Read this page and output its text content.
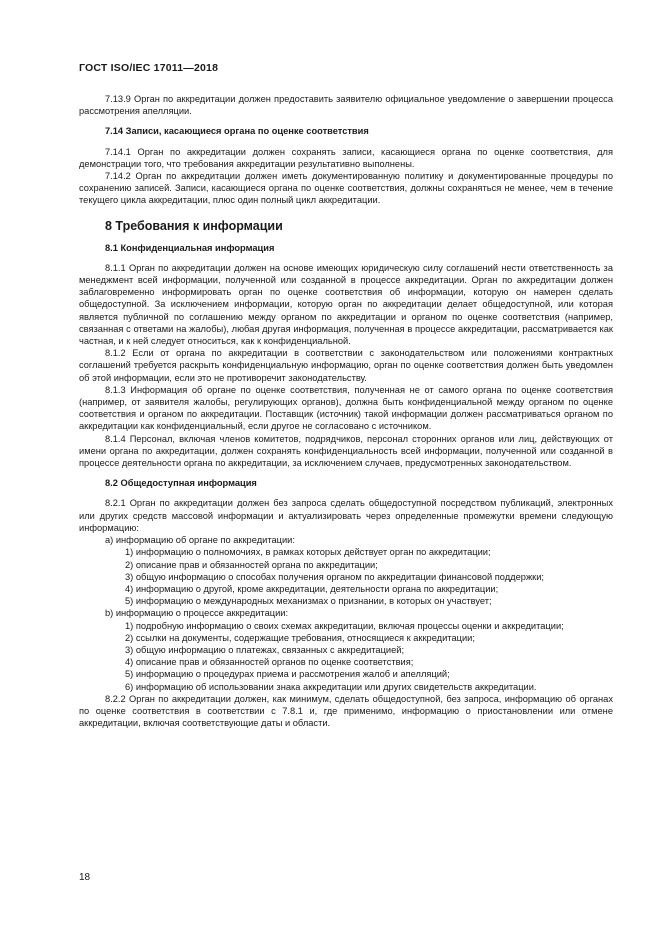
ГОСТ ISO/IEC 17011—2018

7.13.9 Орган по аккредитации должен предоставить заявителю официальное уведомление о завершении процесса рассмотрения апелляции.

7.14 Записи, касающиеся органа по оценке соответствия

7.14.1 Орган по аккредитации должен сохранять записи, касающиеся органа по оценке соответствия, для демонстрации того, что требования аккредитации результативно выполнены.

7.14.2 Орган по аккредитации должен иметь документированную политику и документированные процедуры по сохранению записей. Записи, касающиеся органа по оценке соответствия, должны сохраняться не менее, чем в течение текущего цикла аккредитации, плюс один полный цикл аккредитации.

8 Требования к информации

8.1 Конфиденциальная информация

8.1.1 Орган по аккредитации должен на основе имеющих юридическую силу соглашений нести ответственность за менеджмент всей информации, полученной или созданной в процессе аккредитации. Орган по аккредитации должен заблаговременно информировать орган по оценке соответствия об информации, которую он намерен сделать общедоступной. За исключением информации, которую орган по аккредитации делает общедоступной, или которая является публичной по соглашению между органом по аккредитации и органом по оценке соответствия (например, связанная с ответами на жалобы), любая другая информация, полученная в процессе аккредитации, рассматривается как частная, и к ней следует относиться, как к конфиденциальной.

8.1.2 Если от органа по аккредитации в соответствии с законодательством или положениями контрактных соглашений требуется раскрыть конфиденциальную информацию, орган по оценке соответствия должен быть уведомлен об этой информации, если это не противоречит законодательству.

8.1.3 Информация об органе по оценке соответствия, полученная не от самого органа по оценке соответствия (например, от заявителя жалобы, регулирующих органов), должна быть конфиденциальной между органом по оценке соответствия и органом по аккредитации. Поставщик (источник) такой информации должен рассматриваться органом по аккредитации как конфиденциальный, если другое не согласовано с источником.

8.1.4 Персонал, включая членов комитетов, подрядчиков, персонал сторонних органов или лиц, действующих от имени органа по аккредитации, должен сохранять конфиденциальность всей информации, полученной или созданной в процессе деятельности органа по аккредитации, за исключением случаев, предусмотренных законодательством.

8.2 Общедоступная информация

8.2.1 Орган по аккредитации должен без запроса сделать общедоступной посредством публикаций, электронных или других средств массовой информации и актуализировать через определенные промежутки времени следующую информацию:

a) информацию об органе по аккредитации:

1) информацию о полномочиях, в рамках которых действует орган по аккредитации;

2) описание прав и обязанностей органа по аккредитации;

3) общую информацию о способах получения органом по аккредитации финансовой поддержки;

4) информацию о другой, кроме аккредитации, деятельности органа по аккредитации;

5) информацию о международных механизмах о признании, в которых он участвует;

b) информацию о процессе аккредитации:

1) подробную информацию о своих схемах аккредитации, включая процессы оценки и аккредитации;

2) ссылки на документы, содержащие требования, относящиеся к аккредитации;

3) общую информацию о платежах, связанных с аккредитацией;

4) описание прав и обязанностей органов по оценке соответствия;

5) информацию о процедурах приема и рассмотрения жалоб и апелляций;

6) информацию об использовании знака аккредитации или других свидетельств аккредитации.

8.2.2 Орган по аккредитации должен, как минимум, сделать общедоступной, без запроса, информацию об органах по оценке соответствия в соответствии с 7.8.1 и, где применимо, информацию о приостановлении или отмене аккредитации, включая соответствующие даты и области.

18
